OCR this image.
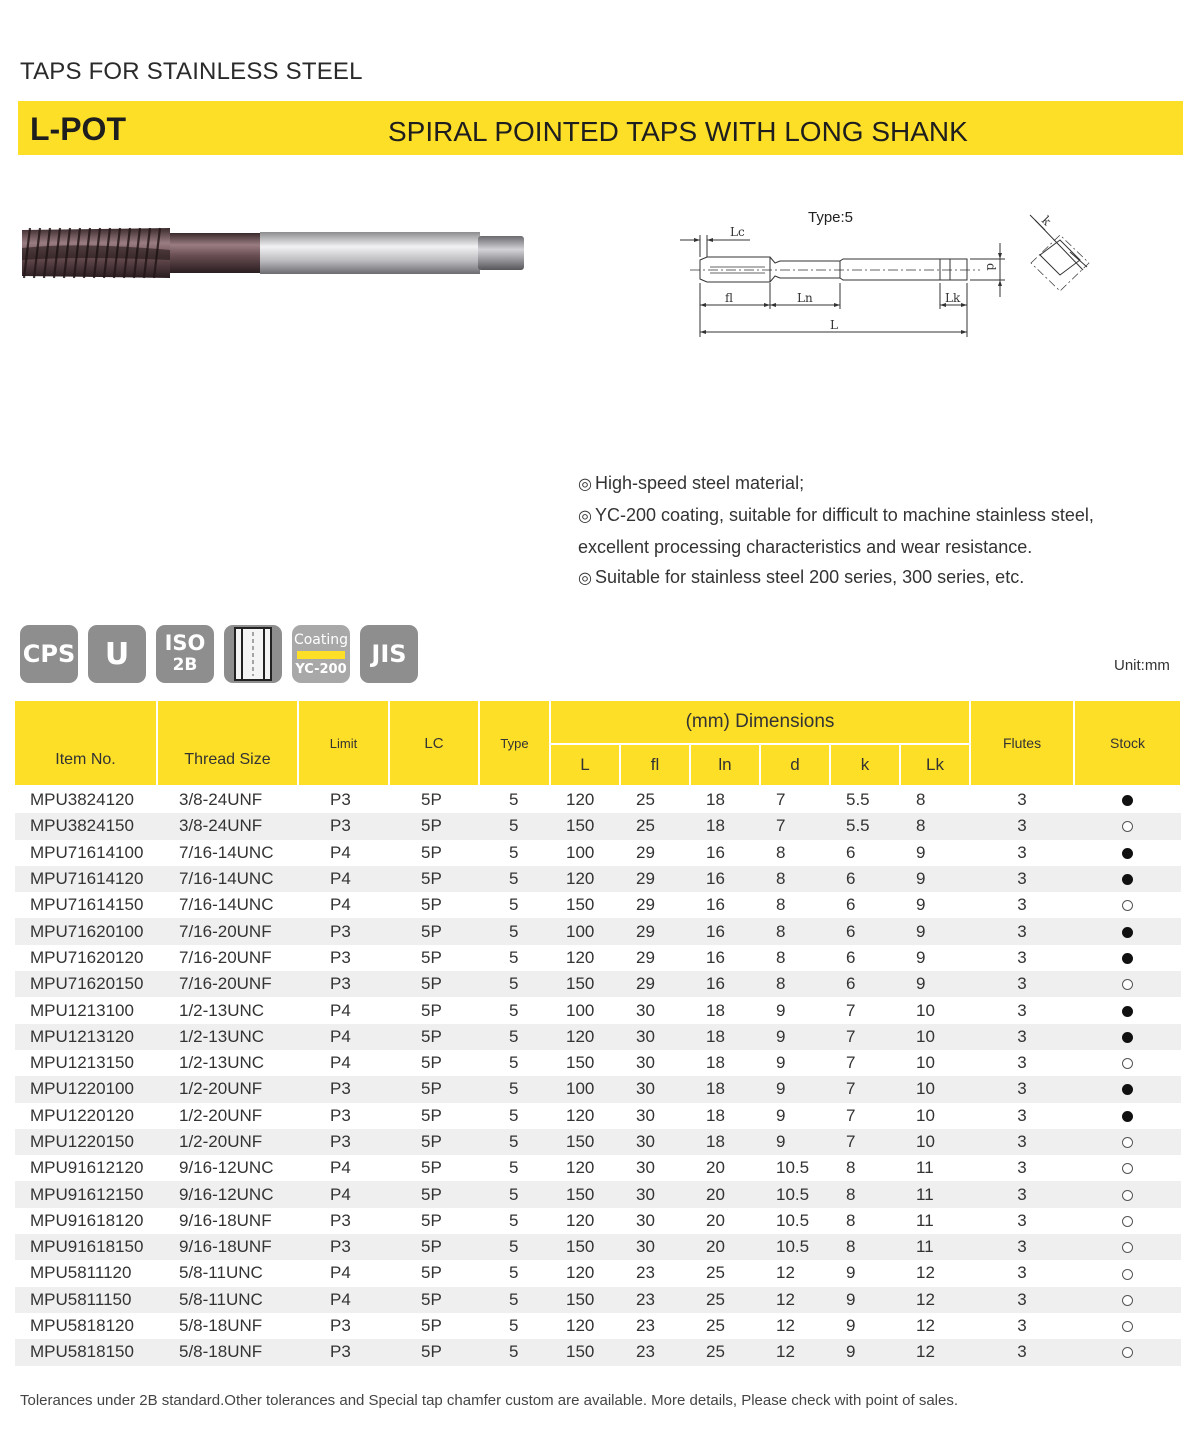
TAPS FOR STAINLESS STEEL
L-POT	SPIRAL POINTED TAPS WITH LONG SHANK
Type:5
Lc
fl	Ln	Lk
L
d
k
◎ High-speed steel material;
◎ YC-200 coating, suitable for difficult to machine stainless steel,
excellent processing characteristics and wear resistance.
◎ Suitable for stainless steel 200 series, 300 series, etc.
CPS U ISO
2B
Coating
YC-200
JIS	Unit:mm
Item No.	Thread Size	Limit	LC	Type	(mm) Dimensions						Flutes	Stock
					L	fl	ln	d	k	Lk		
MPU3824120	3/8-24UNF	P3	5P	5	120	25	18	7	5.5	8	3	
MPU3824150	3/8-24UNF	P3	5P	5	150	25	18	7	5.5	8	3	
MPU71614100	7/16-14UNC	P4	5P	5	100	29	16	8	6	9	3	
MPU71614120	7/16-14UNC	P4	5P	5	120	29	16	8	6	9	3	
MPU71614150	7/16-14UNC	P4	5P	5	150	29	16	8	6	9	3	
MPU71620100	7/16-20UNF	P3	5P	5	100	29	16	8	6	9	3	
MPU71620120	7/16-20UNF	P3	5P	5	120	29	16	8	6	9	3	
MPU71620150	7/16-20UNF	P3	5P	5	150	29	16	8	6	9	3	
MPU1213100	1/2-13UNC	P4	5P	5	100	30	18	9	7	10	3	
MPU1213120	1/2-13UNC	P4	5P	5	120	30	18	9	7	10	3	
MPU1213150	1/2-13UNC	P4	5P	5	150	30	18	9	7	10	3	
MPU1220100	1/2-20UNF	P3	5P	5	100	30	18	9	7	10	3	
MPU1220120	1/2-20UNF	P3	5P	5	120	30	18	9	7	10	3	
MPU1220150	1/2-20UNF	P3	5P	5	150	30	18	9	7	10	3	
MPU91612120	9/16-12UNC	P4	5P	5	120	30	20	10.5	8	11	3	
MPU91612150	9/16-12UNC	P4	5P	5	150	30	20	10.5	8	11	3	
MPU91618120	9/16-18UNF	P3	5P	5	120	30	20	10.5	8	11	3	
MPU91618150	9/16-18UNF	P3	5P	5	150	30	20	10.5	8	11	3	
MPU5811120	5/8-11UNC	P4	5P	5	120	23	25	12	9	12	3	
MPU5811150	5/8-11UNC	P4	5P	5	150	23	25	12	9	12	3	
MPU5818120	5/8-18UNF	P3	5P	5	120	23	25	12	9	12	3	
MPU5818150	5/8-18UNF	P3	5P	5	150	23	25	12	9	12	3	
Tolerances under 2B standard.Other tolerances and Special tap chamfer custom are available. More details, Please check with point of sales.
